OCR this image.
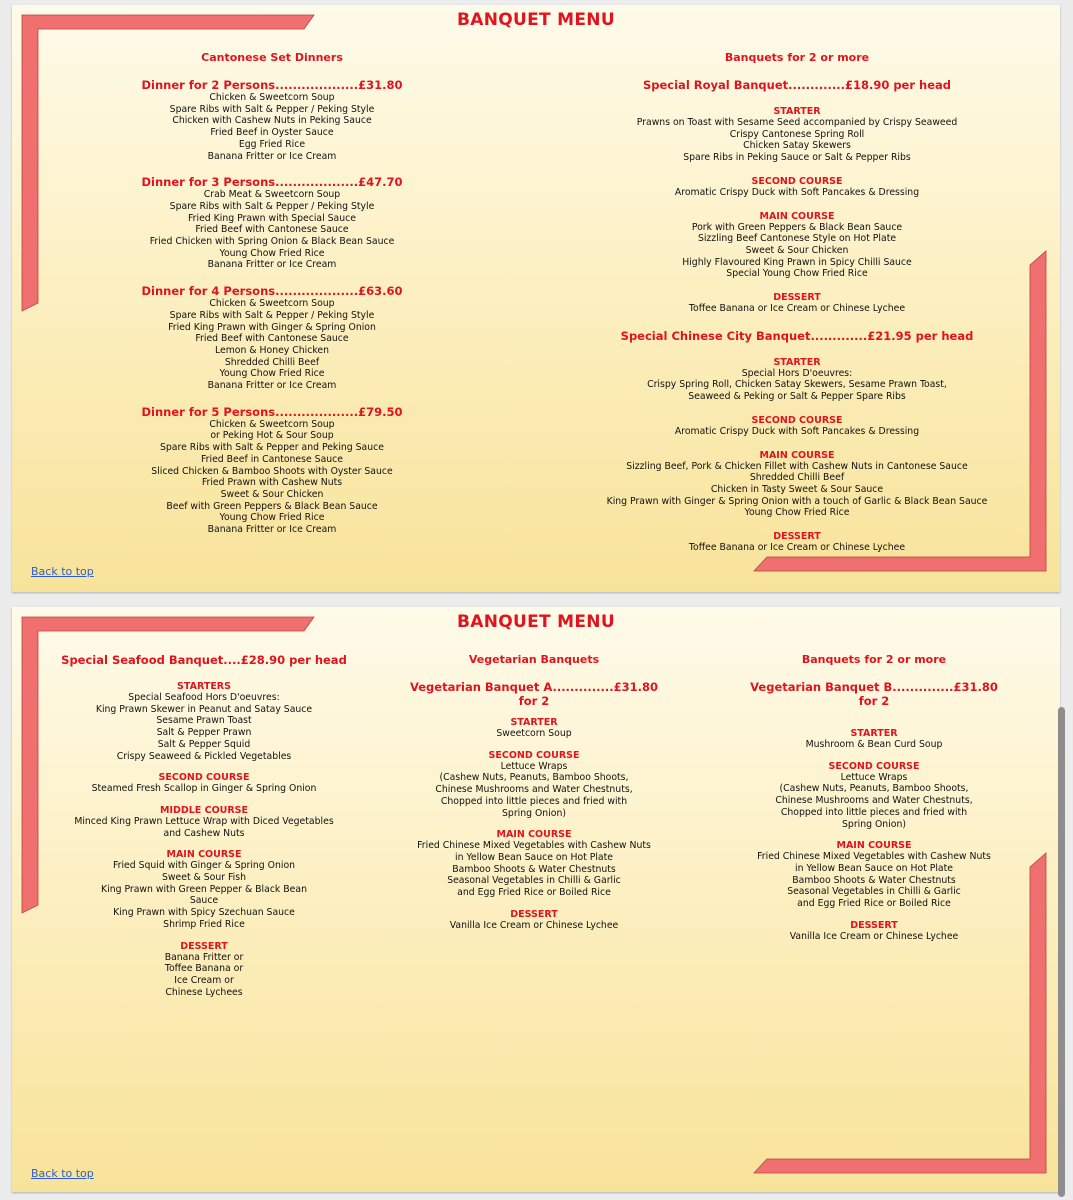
BANQUET MENU
Cantonese Set Dinners
Dinner for 2 Persons...................£31.80
Chicken & Sweetcorn Soup
Spare Ribs with Salt & Pepper / Peking Style
Chicken with Cashew Nuts in Peking Sauce
Fried Beef in Oyster Sauce
Egg Fried Rice
Banana Fritter or Ice Cream
Dinner for 3 Persons...................£47.70
Crab Meat & Sweetcorn Soup
Spare Ribs with Salt & Pepper / Peking Style
Fried King Prawn with Special Sauce
Fried Beef with Cantonese Sauce
Fried Chicken with Spring Onion & Black Bean Sauce
Young Chow Fried Rice
Banana Fritter or Ice Cream
Dinner for 4 Persons...................£63.60
Chicken & Sweetcorn Soup
Spare Ribs with Salt & Pepper / Peking Style
Fried King Prawn with Ginger & Spring Onion
Fried Beef with Cantonese Sauce
Lemon & Honey Chicken
Shredded Chilli Beef
Young Chow Fried Rice
Banana Fritter or Ice Cream
Dinner for 5 Persons...................£79.50
Chicken & Sweetcorn Soup
or Peking Hot & Sour Soup
Spare Ribs with Salt & Pepper and Peking Sauce
Fried Beef in Cantonese Sauce
Sliced Chicken & Bamboo Shoots with Oyster Sauce
Fried Prawn with Cashew Nuts
Sweet & Sour Chicken
Beef with Green Peppers & Black Bean Sauce
Young Chow Fried Rice
Banana Fritter or Ice Cream
Banquets for 2 or more
Special Royal Banquet.............£18.90 per head
STARTER
Prawns on Toast with Sesame Seed accompanied by Crispy Seaweed
Crispy Cantonese Spring Roll
Chicken Satay Skewers
Spare Ribs in Peking Sauce or Salt & Pepper Ribs
SECOND COURSE
Aromatic Crispy Duck with Soft Pancakes & Dressing
MAIN COURSE
Pork with Green Peppers & Black Bean Sauce
Sizzling Beef Cantonese Style on Hot Plate
Sweet & Sour Chicken
Highly Flavoured King Prawn in Spicy Chilli Sauce
Special Young Chow Fried Rice
DESSERT
Toffee Banana or Ice Cream or Chinese Lychee
Special Chinese City Banquet.............£21.95 per head
STARTER
Special Hors D'oeuvres:
Crispy Spring Roll, Chicken Satay Skewers, Sesame Prawn Toast,
Seaweed & Peking or Salt & Pepper Spare Ribs
SECOND COURSE
Aromatic Crispy Duck with Soft Pancakes & Dressing
MAIN COURSE
Sizzling Beef, Pork & Chicken Fillet with Cashew Nuts in Cantonese Sauce
Shredded Chilli Beef
Chicken in Tasty Sweet & Sour Sauce
King Prawn with Ginger & Spring Onion with a touch of Garlic & Black Bean Sauce
Young Chow Fried Rice
DESSERT
Toffee Banana or Ice Cream or Chinese Lychee
Back to top
BANQUET MENU
Special Seafood Banquet....£28.90 per head
STARTERS
Special Seafood Hors D'oeuvres:
King Prawn Skewer in Peanut and Satay Sauce
Sesame Prawn Toast
Salt & Pepper Prawn
Salt & Pepper Squid
Crispy Seaweed & Pickled Vegetables
SECOND COURSE
Steamed Fresh Scallop in Ginger & Spring Onion
MIDDLE COURSE
Minced King Prawn Lettuce Wrap with Diced Vegetables
and Cashew Nuts
MAIN COURSE
Fried Squid with Ginger & Spring Onion
Sweet & Sour Fish
King Prawn with Green Pepper & Black Bean
Sauce
King Prawn with Spicy Szechuan Sauce
Shrimp Fried Rice
DESSERT
Banana Fritter or
Toffee Banana or
Ice Cream or
Chinese Lychees
Vegetarian Banquets
Vegetarian Banquet A..............£31.80 for 2
STARTER
Sweetcorn Soup
SECOND COURSE
Lettuce Wraps
(Cashew Nuts, Peanuts, Bamboo Shoots,
Chinese Mushrooms and Water Chestnuts,
Chopped into little pieces and fried with
Spring Onion)
MAIN COURSE
Fried Chinese Mixed Vegetables with Cashew Nuts
in Yellow Bean Sauce on Hot Plate
Bamboo Shoots & Water Chestnuts
Seasonal Vegetables in Chilli & Garlic
and Egg Fried Rice or Boiled Rice
DESSERT
Vanilla Ice Cream or Chinese Lychee
Banquets for 2 or more
Vegetarian Banquet B..............£31.80 for 2
STARTER
Mushroom & Bean Curd Soup
SECOND COURSE
Lettuce Wraps
(Cashew Nuts, Peanuts, Bamboo Shoots,
Chinese Mushrooms and Water Chestnuts,
Chopped into little pieces and fried with
Spring Onion)
MAIN COURSE
Fried Chinese Mixed Vegetables with Cashew Nuts
in Yellow Bean Sauce on Hot Plate
Bamboo Shoots & Water Chestnuts
Seasonal Vegetables in Chilli & Garlic
and Egg Fried Rice or Boiled Rice
DESSERT
Vanilla Ice Cream or Chinese Lychee
Back to top
